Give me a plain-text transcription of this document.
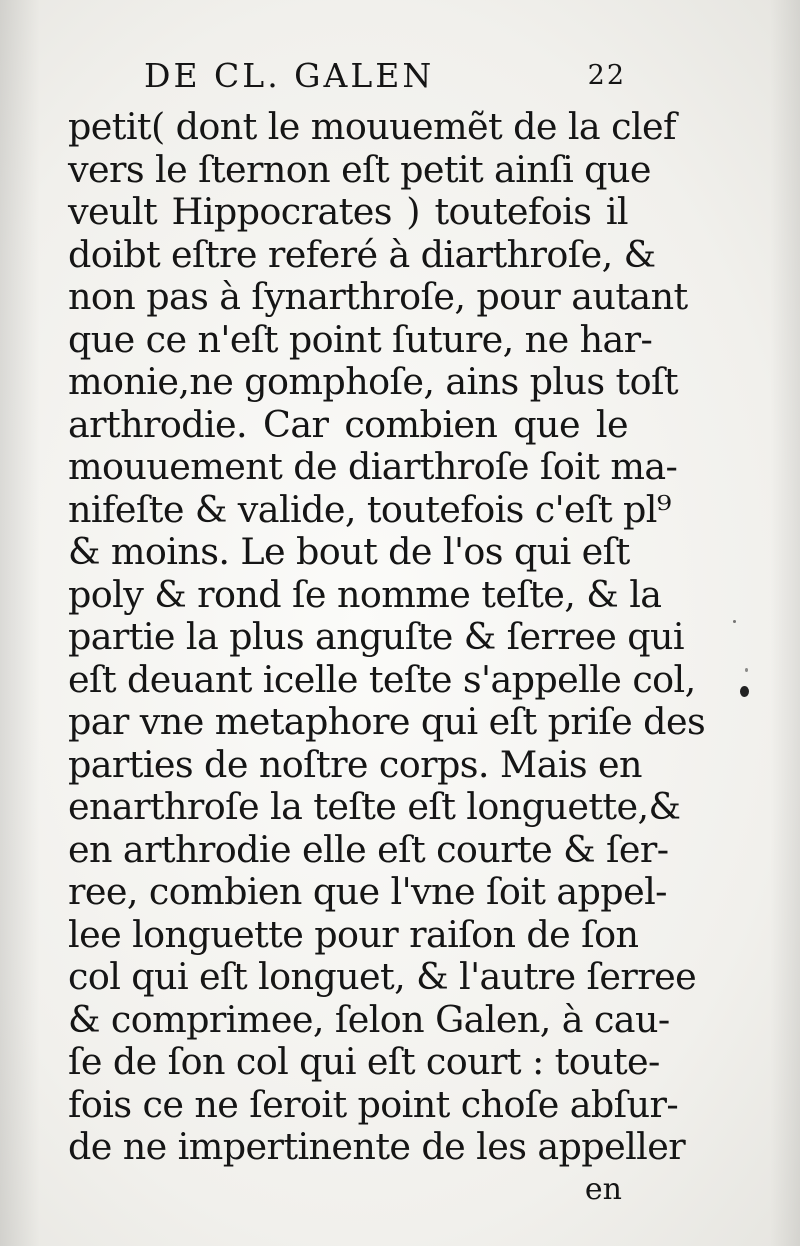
DE CL. GALEN	22
petit( dont le mouuemẽt de la clef
vers le ſternon eſt petit ainſi que
veult Hippocrates ) toutefois il
doibt eſtre referé à diarthroſe, &
non pas à ſynarthroſe, pour autant
que ce n'eſt point ſuture, ne har-
monie,ne gomphoſe, ains plus toſt
arthrodie. Car combien que le
mouuement de diarthroſe ſoit ma-
nifeſte & valide, toutefois c'eſt pl⁹
& moins. Le bout de l'os qui eſt
poly & rond ſe nomme teſte, & la
partie la plus anguſte & ſerree qui
eſt deuant icelle teſte s'appelle col,
par vne metaphore qui eſt priſe des
parties de noſtre corps. Mais en
enarthroſe la teſte eſt longuette,&
en arthrodie elle eſt courte & ſer-
ree, combien que l'vne ſoit appel-
lee longuette pour raiſon de ſon
col qui eſt longuet, & l'autre ſerree
& comprimee, ſelon Galen, à cau-
ſe de ſon col qui eſt court : toute-
fois ce ne ſeroit point choſe abſur-
de ne impertinente de les appeller
en
